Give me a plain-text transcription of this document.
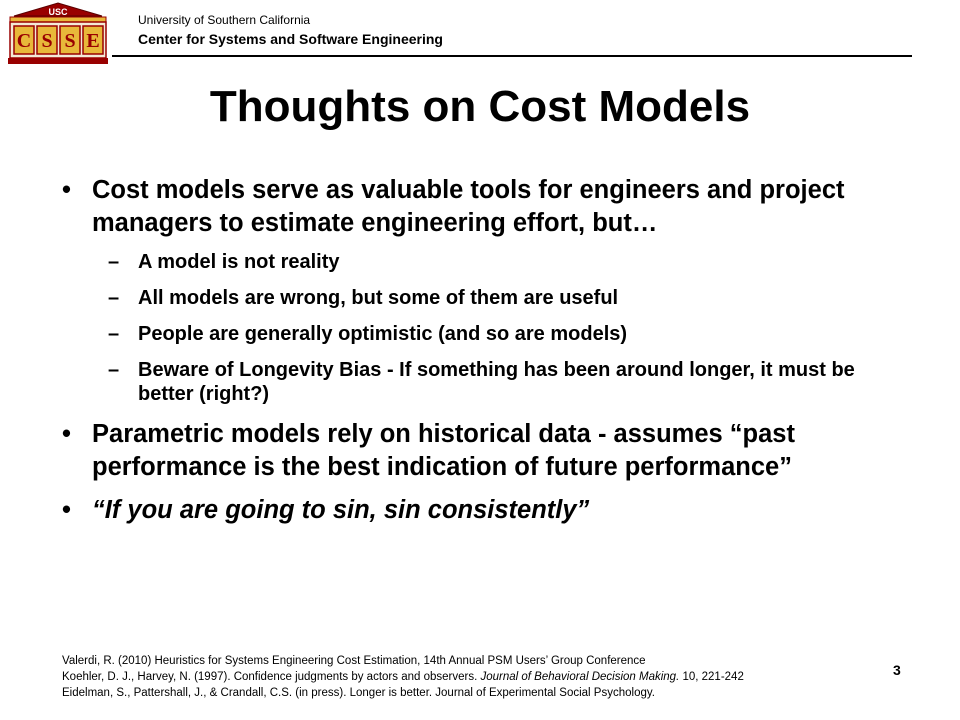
USC
C S S E
University of Southern California
Center for Systems and Software Engineering
Thoughts on Cost Models
• Cost models serve as valuable tools for engineers and project managers to estimate engineering effort, but…
– A model is not reality
– All models are wrong, but some of them are useful
– People are generally optimistic (and so are models)
– Beware of Longevity Bias - If something has been around longer, it must be better (right?)
• Parametric models rely on historical data - assumes “past performance is the best indication of future performance”
• “If you are going to sin, sin consistently”
Valerdi, R. (2010) Heuristics for Systems Engineering Cost Estimation, 14th Annual PSM Users’ Group Conference
Koehler, D. J., Harvey, N. (1997). Confidence judgments by actors and observers. Journal of Behavioral Decision Making. 10, 221-242
Eidelman, S., Pattershall, J., & Crandall, C.S. (in press). Longer is better. Journal of Experimental Social Psychology.
3
